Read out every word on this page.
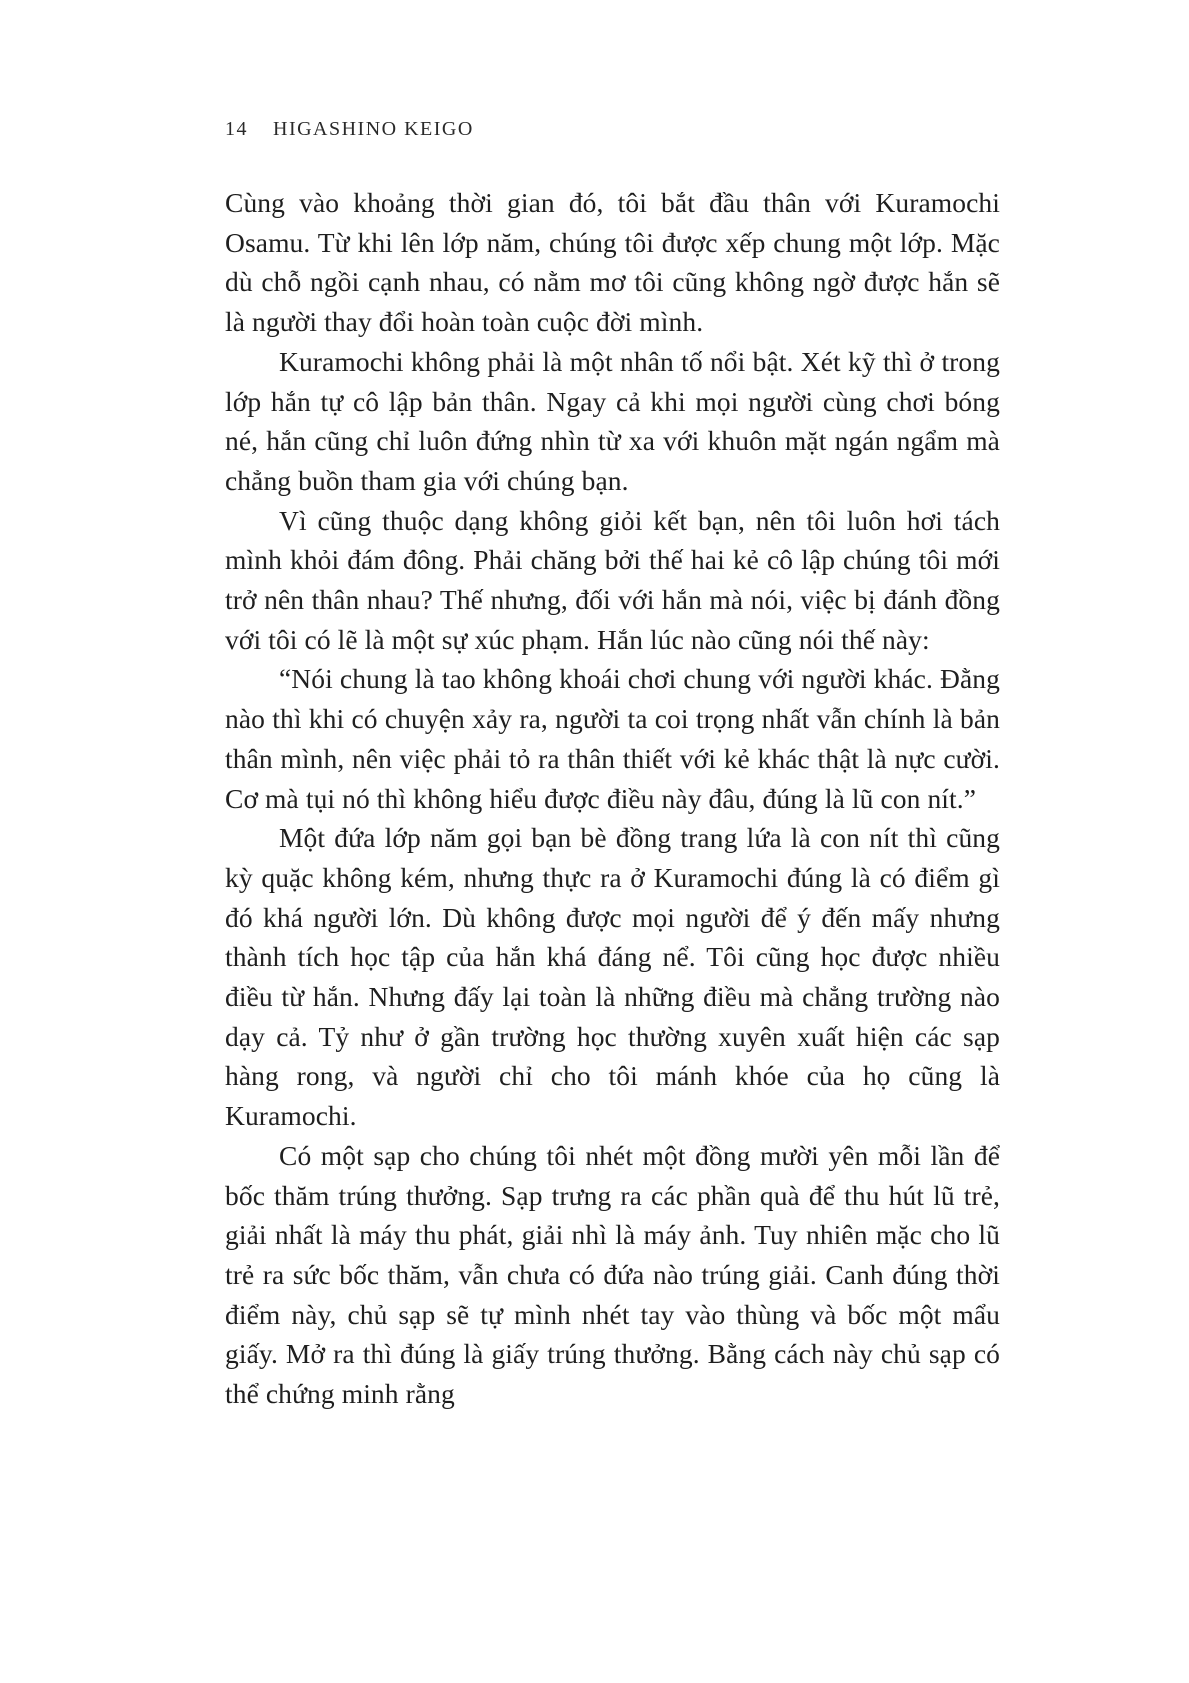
14 HIGASHINO KEIGO

Cùng vào khoảng thời gian đó, tôi bắt đầu thân với Kuramochi Osamu. Từ khi lên lớp năm, chúng tôi được xếp chung một lớp. Mặc dù chỗ ngồi cạnh nhau, có nằm mơ tôi cũng không ngờ được hắn sẽ là người thay đổi hoàn toàn cuộc đời mình.

Kuramochi không phải là một nhân tố nổi bật. Xét kỹ thì ở trong lớp hắn tự cô lập bản thân. Ngay cả khi mọi người cùng chơi bóng né, hắn cũng chỉ luôn đứng nhìn từ xa với khuôn mặt ngán ngẩm mà chẳng buồn tham gia với chúng bạn.

Vì cũng thuộc dạng không giỏi kết bạn, nên tôi luôn hơi tách mình khỏi đám đông. Phải chăng bởi thế hai kẻ cô lập chúng tôi mới trở nên thân nhau? Thế nhưng, đối với hắn mà nói, việc bị đánh đồng với tôi có lẽ là một sự xúc phạm. Hắn lúc nào cũng nói thế này:

“Nói chung là tao không khoái chơi chung với người khác. Đằng nào thì khi có chuyện xảy ra, người ta coi trọng nhất vẫn chính là bản thân mình, nên việc phải tỏ ra thân thiết với kẻ khác thật là nực cười. Cơ mà tụi nó thì không hiểu được điều này đâu, đúng là lũ con nít.”

Một đứa lớp năm gọi bạn bè đồng trang lứa là con nít thì cũng kỳ quặc không kém, nhưng thực ra ở Kuramochi đúng là có điểm gì đó khá người lớn. Dù không được mọi người để ý đến mấy nhưng thành tích học tập của hắn khá đáng nể. Tôi cũng học được nhiều điều từ hắn. Nhưng đấy lại toàn là những điều mà chẳng trường nào dạy cả. Tỷ như ở gần trường học thường xuyên xuất hiện các sạp hàng rong, và người chỉ cho tôi mánh khóe của họ cũng là Kuramochi.

Có một sạp cho chúng tôi nhét một đồng mười yên mỗi lần để bốc thăm trúng thưởng. Sạp trưng ra các phần quà để thu hút lũ trẻ, giải nhất là máy thu phát, giải nhì là máy ảnh. Tuy nhiên mặc cho lũ trẻ ra sức bốc thăm, vẫn chưa có đứa nào trúng giải. Canh đúng thời điểm này, chủ sạp sẽ tự mình nhét tay vào thùng và bốc một mẩu giấy. Mở ra thì đúng là giấy trúng thưởng. Bằng cách này chủ sạp có thể chứng minh rằng
